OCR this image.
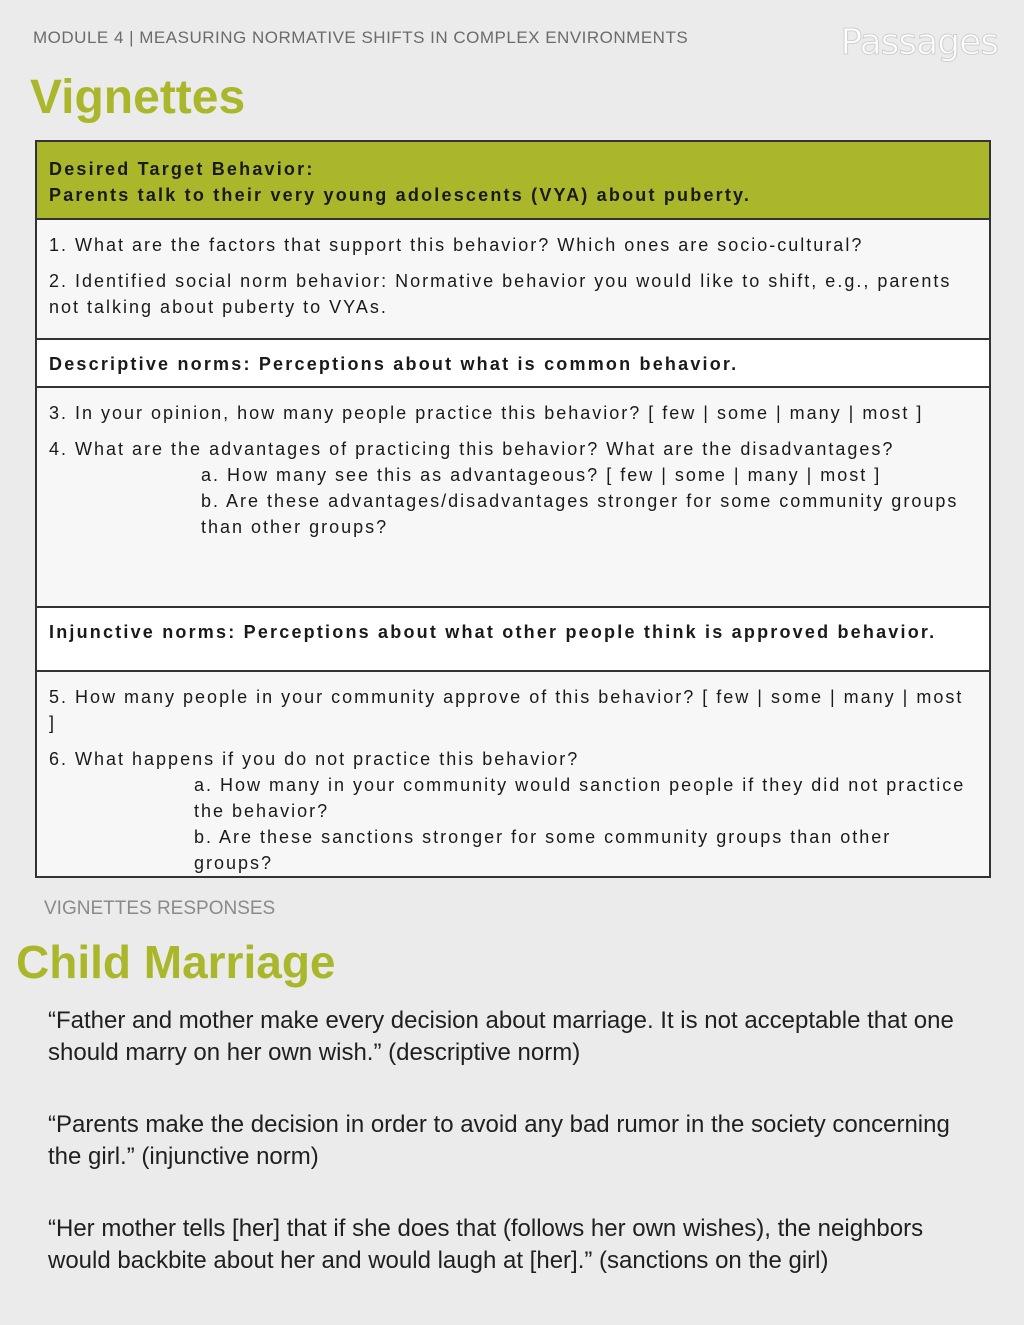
MODULE 4 | MEASURING NORMATIVE SHIFTS IN COMPLEX ENVIRONMENTS	Passages
Vignettes
Desired Target Behavior:
Parents talk to their very young adolescents (VYA) about puberty.

1. What are the factors that support this behavior? Which ones are socio-cultural?

2. Identified social norm behavior: Normative behavior you would like to shift, e.g., parents not talking about puberty to VYAs.

Descriptive norms: Perceptions about what is common behavior.

3. In your opinion, how many people practice this behavior? [ few | some | many | most ]

4. What are the advantages of practicing this behavior? What are the disadvantages?

a. How many see this as advantageous? [ few | some | many | most ]

b. Are these advantages/disadvantages stronger for some community groups than other groups?

Injunctive norms: Perceptions about what other people think is approved behavior.

5. How many people in your community approve of this behavior? [ few | some | many | most ]

6. What happens if you do not practice this behavior?

a. How many in your community would sanction people if they did not practice the behavior?

b. Are these sanctions stronger for some community groups than other groups?

VIGNETTES RESPONSES
Child Marriage

“Father and mother make every decision about marriage. It is not acceptable that one should marry on her own wish.” (descriptive norm)

“Parents make the decision in order to avoid any bad rumor in the society concerning the girl.” (injunctive norm)

“Her mother tells [her] that if she does that (follows her own wishes), the neighbors would backbite about her and would laugh at [her].” (sanctions on the girl)
